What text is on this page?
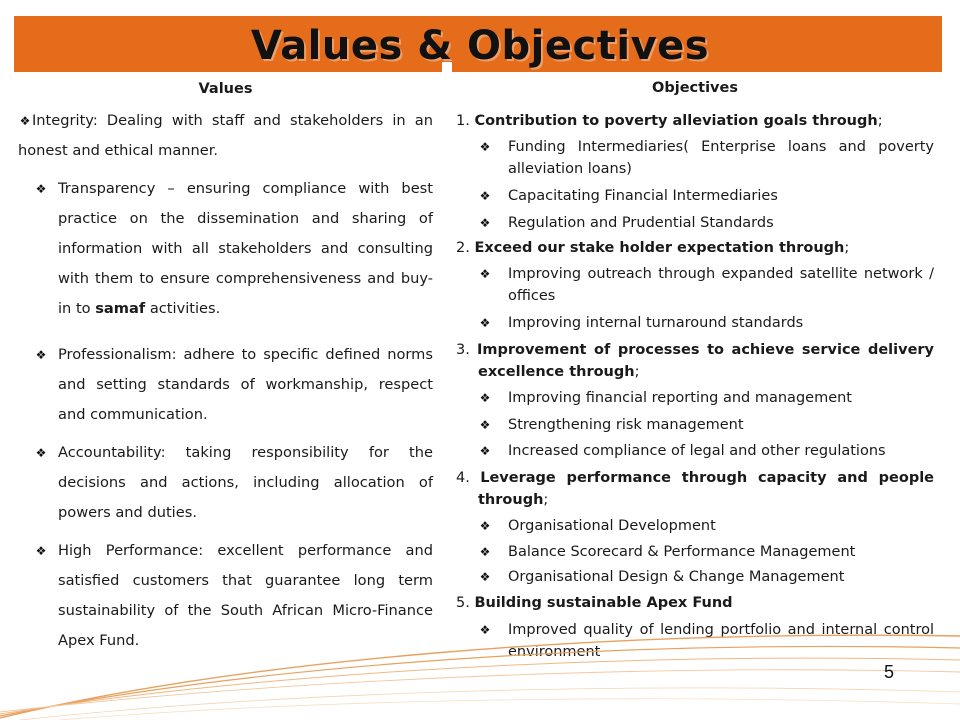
Values & Objectives
Values
❖ Integrity: Dealing with staff and stakeholders in an honest and ethical manner.
❖ Transparency – ensuring compliance with best practice on the dissemination and sharing of information with all stakeholders and consulting with them to ensure comprehensiveness and buy-in to samaf activities.
❖ Professionalism: adhere to specific defined norms and setting standards of workmanship, respect and communication.
❖ Accountability: taking responsibility for the decisions and actions, including allocation of powers and duties.
❖ High Performance: excellent performance and satisfied customers that guarantee long term sustainability of the South African Micro-Finance Apex Fund.
Objectives
1. Contribution to poverty alleviation goals through;
❖ Funding Intermediaries( Enterprise loans and poverty alleviation loans)
❖ Capacitating Financial Intermediaries
❖ Regulation and Prudential Standards
2. Exceed our stake holder expectation through;
❖ Improving outreach through expanded satellite network / offices
❖ Improving internal turnaround standards
3. Improvement of processes to achieve service delivery excellence through;
❖ Improving financial reporting and management
❖ Strengthening risk management
❖ Increased compliance of legal and other regulations
4. Leverage performance through capacity and people through;
❖ Organisational Development
❖ Balance Scorecard & Performance Management
❖ Organisational Design & Change Management
5. Building sustainable Apex Fund
❖ Improved quality of lending portfolio and internal control environment
5
